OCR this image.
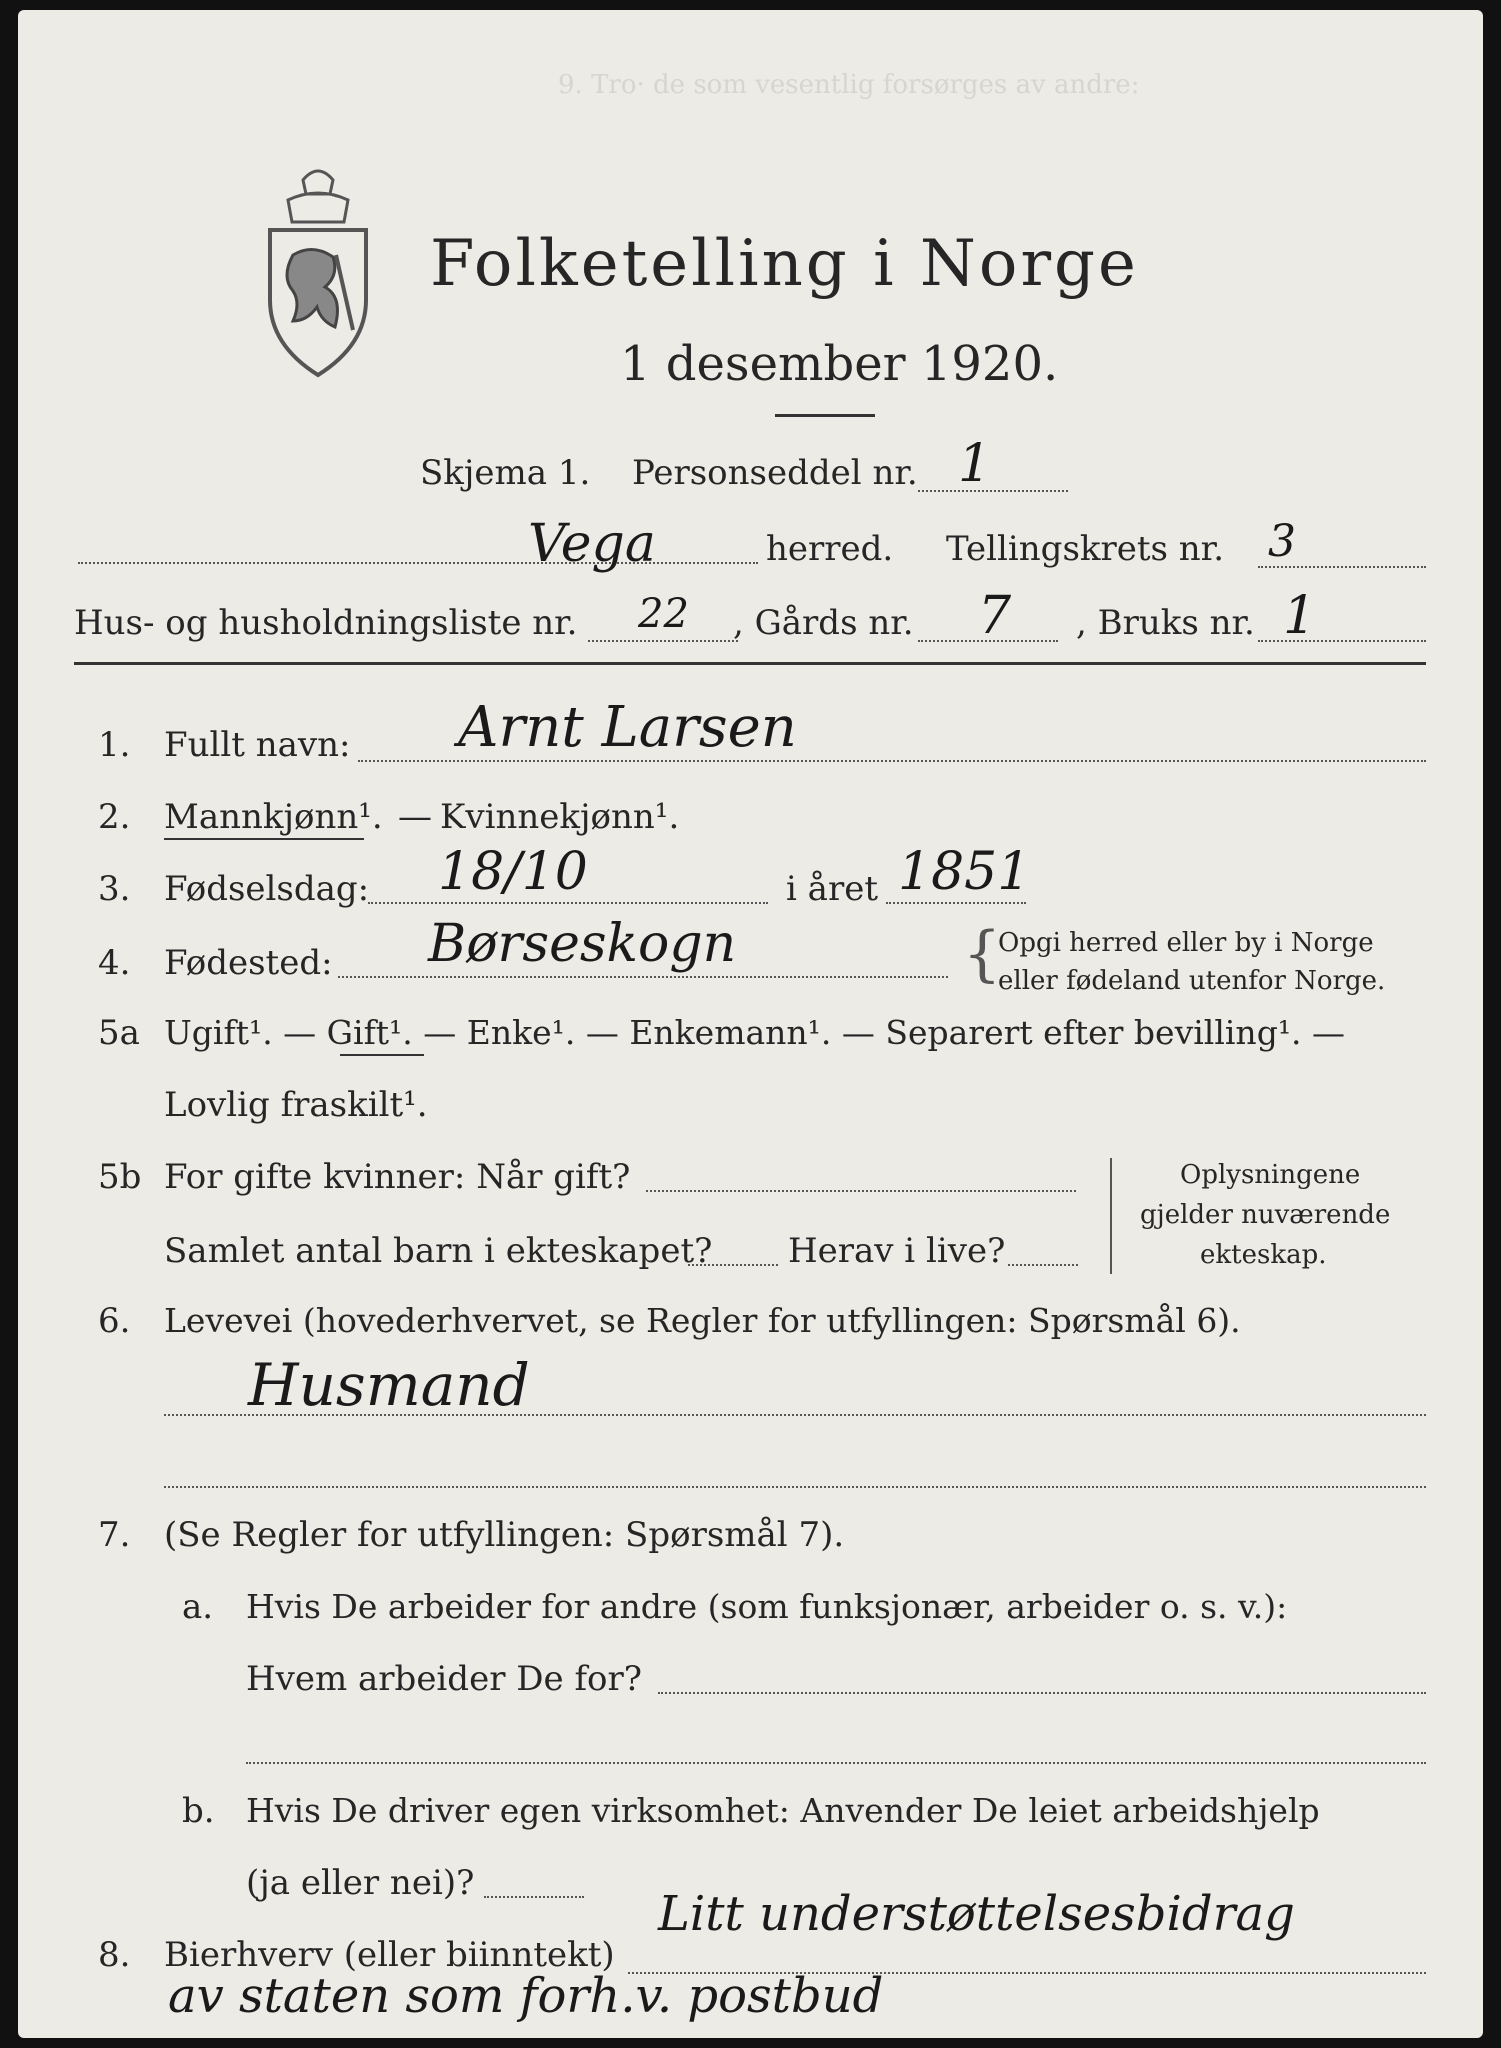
Folketelling i Norge
1 desember 1920.
9. Tro· de som vesentlig forsørges av andre:
Skjema 1. Personseddel nr. 1
Vega	herred. Tellingskrets nr. 3
Hus- og husholdningsliste nr. 22 , Gårds nr. 7 , Bruks nr. 1
1. Fullt navn: Arnt Larsen
2. Mannkjønn¹. — Kvinnekjønn¹.
3. Fødselsdag: 18/10	i året 1851
4. Fødested: Børseskogn	{
Opgi herred eller by i Norge
eller fødeland utenfor Norge.
5a Ugift¹. — Gift¹. — Enke¹. — Enkemann¹. — Separert efter bevilling¹. —
Lovlig fraskilt¹.
5b For gifte kvinner: Når gift?
Samlet antal barn i ekteskapet? Herav i live?
Oplysningene
gjelder nuværende
ekteskap.
6. Levevei (hovederhvervet, se Regler for utfyllingen: Spørsmål 6).
Husmand
7. (Se Regler for utfyllingen: Spørsmål 7).
a. Hvis De arbeider for andre (som funksjonær, arbeider o. s. v.):
Hvem arbeider De for?
b. Hvis De driver egen virksomhet: Anvender De leiet arbeidshjelp
(ja eller nei)?
8. Bierhverv (eller biinntekt)
Litt understøttelsesbidrag
av staten som forh.v. postbud
